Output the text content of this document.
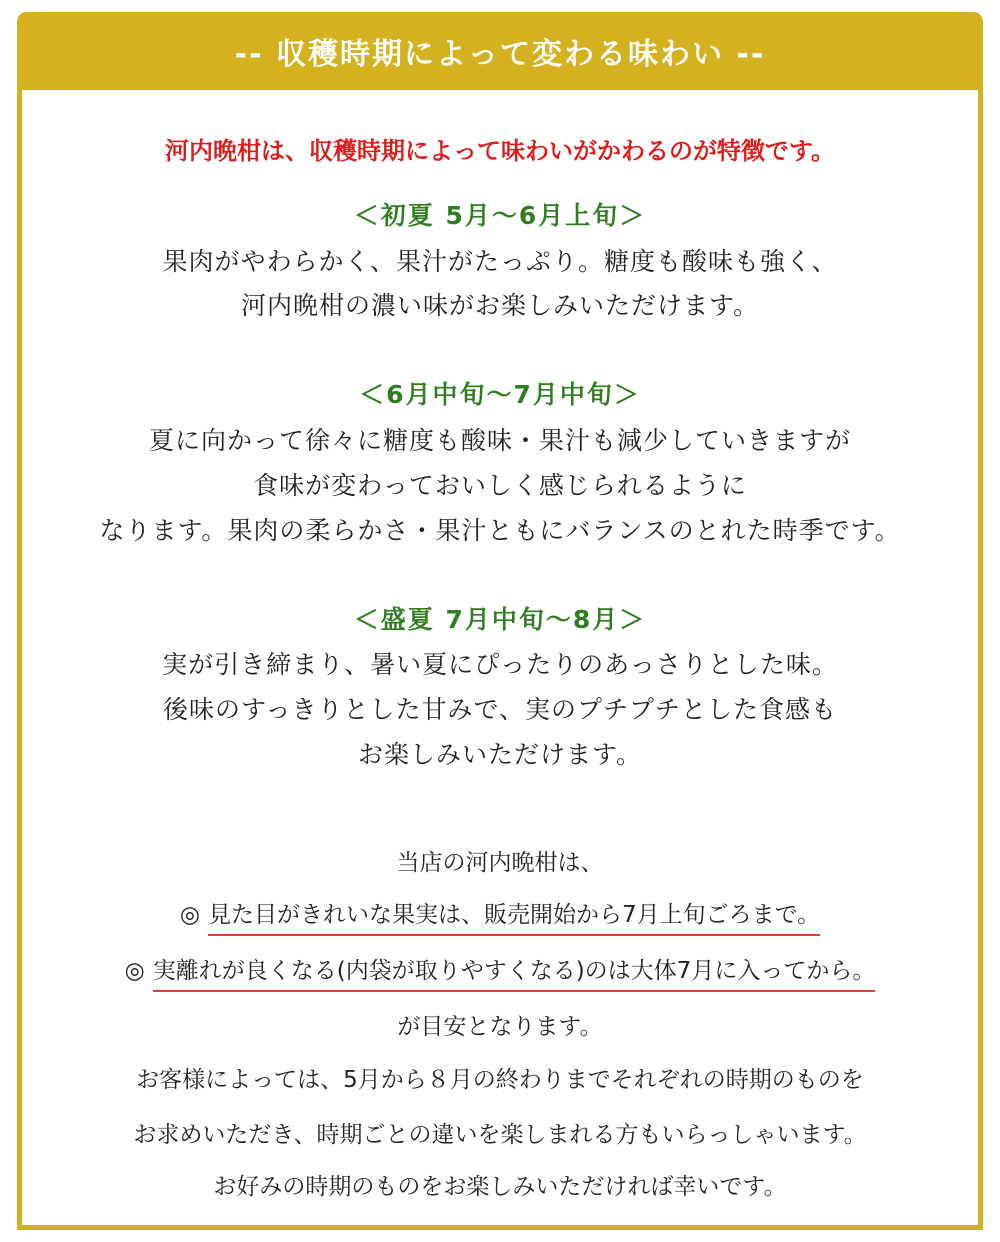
-- 収穫時期によって変わる味わい --
河内晩柑は、収穫時期によって味わいがかわるのが特徴です。
＜初夏 5月～6月上旬＞
果肉がやわらかく、果汁がたっぷり。糖度も酸味も強く、
河内晩柑の濃い味がお楽しみいただけます。
＜6月中旬～7月中旬＞
夏に向かって徐々に糖度も酸味・果汁も減少していきますが
食味が変わっておいしく感じられるように
なります。果肉の柔らかさ・果汁ともにバランスのとれた時季です。
＜盛夏 7月中旬～8月＞
実が引き締まり、暑い夏にぴったりのあっさりとした味。
後味のすっきりとした甘みで、実のプチプチとした食感も
お楽しみいただけます。
当店の河内晩柑は、
◎ 見た目がきれいな果実は、販売開始から7月上旬ごろまで。
◎ 実離れが良くなる(内袋が取りやすくなる)のは大体7月に入ってから。
が目安となります。
お客様によっては、5月から８月の終わりまでそれぞれの時期のものを
お求めいただき、時期ごとの違いを楽しまれる方もいらっしゃいます。
お好みの時期のものをお楽しみいただければ幸いです。
